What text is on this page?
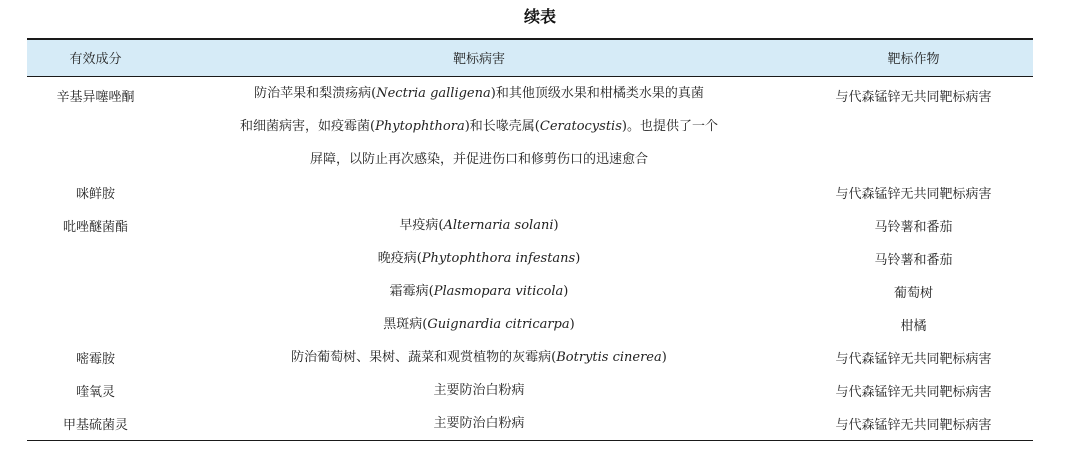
续表
有效成分	靶标病害	靶标作物
辛基异噻唑酮	防治苹果和梨溃疡病(Nectria galligena)和其他顶级水果和柑橘类水果的真菌
和细菌病害，如疫霉菌(Phytophthora)和长喙壳属(Ceratocystis)。也提供了一个
屏障，以防止再次感染，并促进伤口和修剪伤口的迅速愈合	与代森锰锌无共同靶标病害
咪鲜胺		与代森锰锌无共同靶标病害
吡唑醚菌酯	早疫病(Alternaria solani)	马铃薯和番茄

	晚疫病(Phytophthora infestans)	马铃薯和番茄

	霜霉病(Plasmopara viticola)	葡萄树

	黑斑病(Guignardia citricarpa)	柑橘
嘧霉胺	防治葡萄树、果树、蔬菜和观赏植物的灰霉病(Botrytis cinerea)	与代森锰锌无共同靶标病害
喹氧灵	主要防治白粉病	与代森锰锌无共同靶标病害
甲基硫菌灵	主要防治白粉病	与代森锰锌无共同靶标病害
